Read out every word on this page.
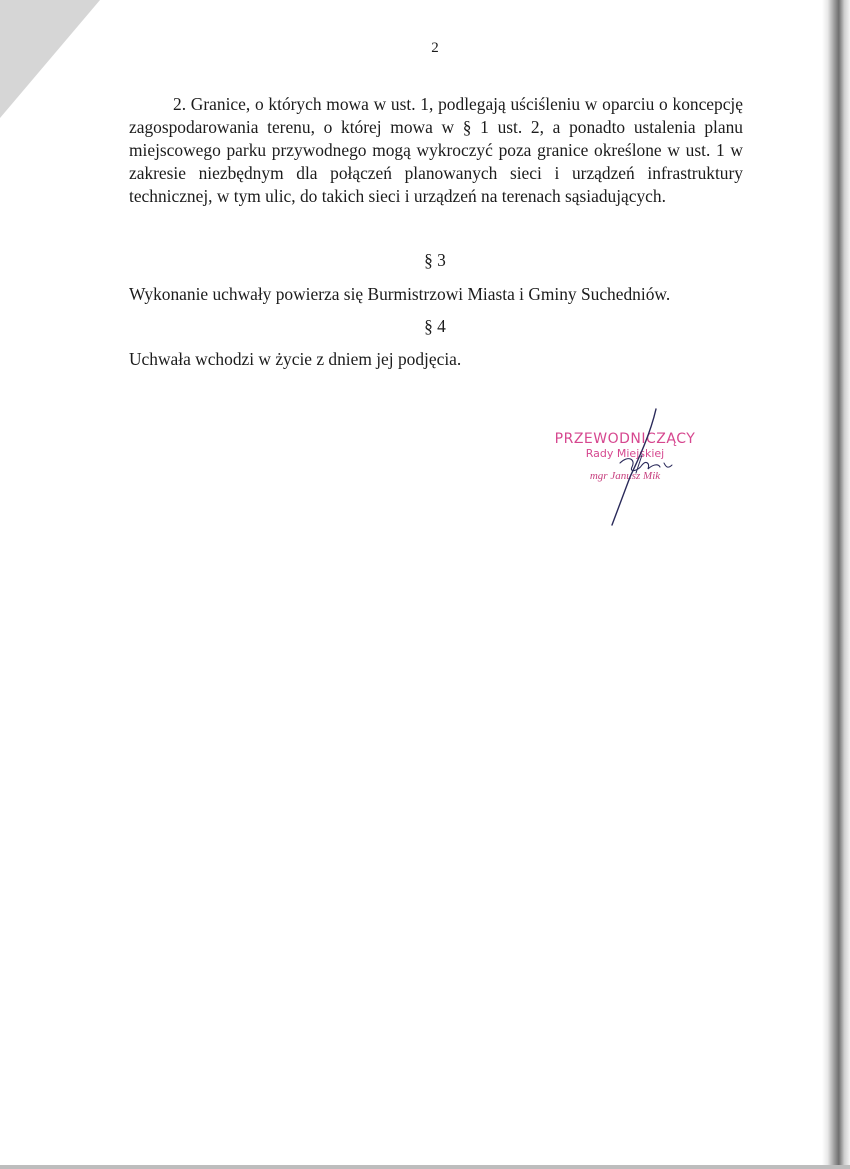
2

2. Granice, o których mowa w ust. 1, podlegają uściśleniu w oparciu o koncepcję zagospodarowania terenu, o której mowa w § 1 ust. 2, a ponadto ustalenia planu miejscowego parku przywodnego mogą wykroczyć poza granice określone w ust. 1 w zakresie niezbędnym dla połączeń planowanych sieci i urządzeń infrastruktury technicznej, w tym ulic, do takich sieci i urządzeń na terenach sąsiadujących.

§ 3
Wykonanie uchwały powierza się Burmistrzowi Miasta i Gminy Suchedniów.
§ 4
Uchwała wchodzi w życie z dniem jej podjęcia.
PRZEWODNICZĄCY
Rady Miejskiej
mgr Janusz Mik
